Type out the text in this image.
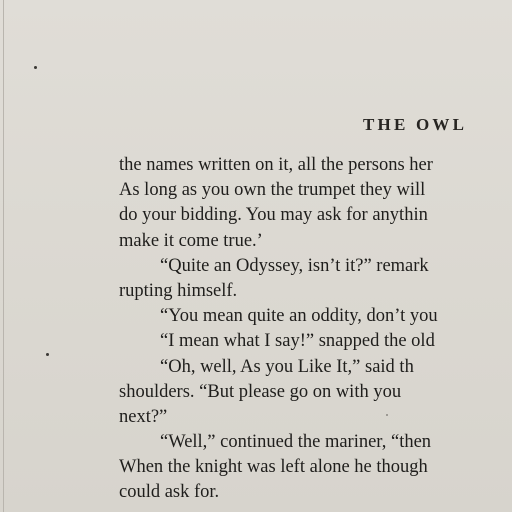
THE OWL
the names written on it, all the persons her
As long as you own the trumpet they will
do your bidding. You may ask for anythin
make it come true.’
“Quite an Odyssey, isn’t it?” remark
rupting himself.
“You mean quite an oddity, don’t you
“I mean what I say!” snapped the old
“Oh, well, As you Like It,” said th
shoulders. “But please go on with you
next?”
“Well,” continued the mariner, “then
When the knight was left alone he though
could ask for.
